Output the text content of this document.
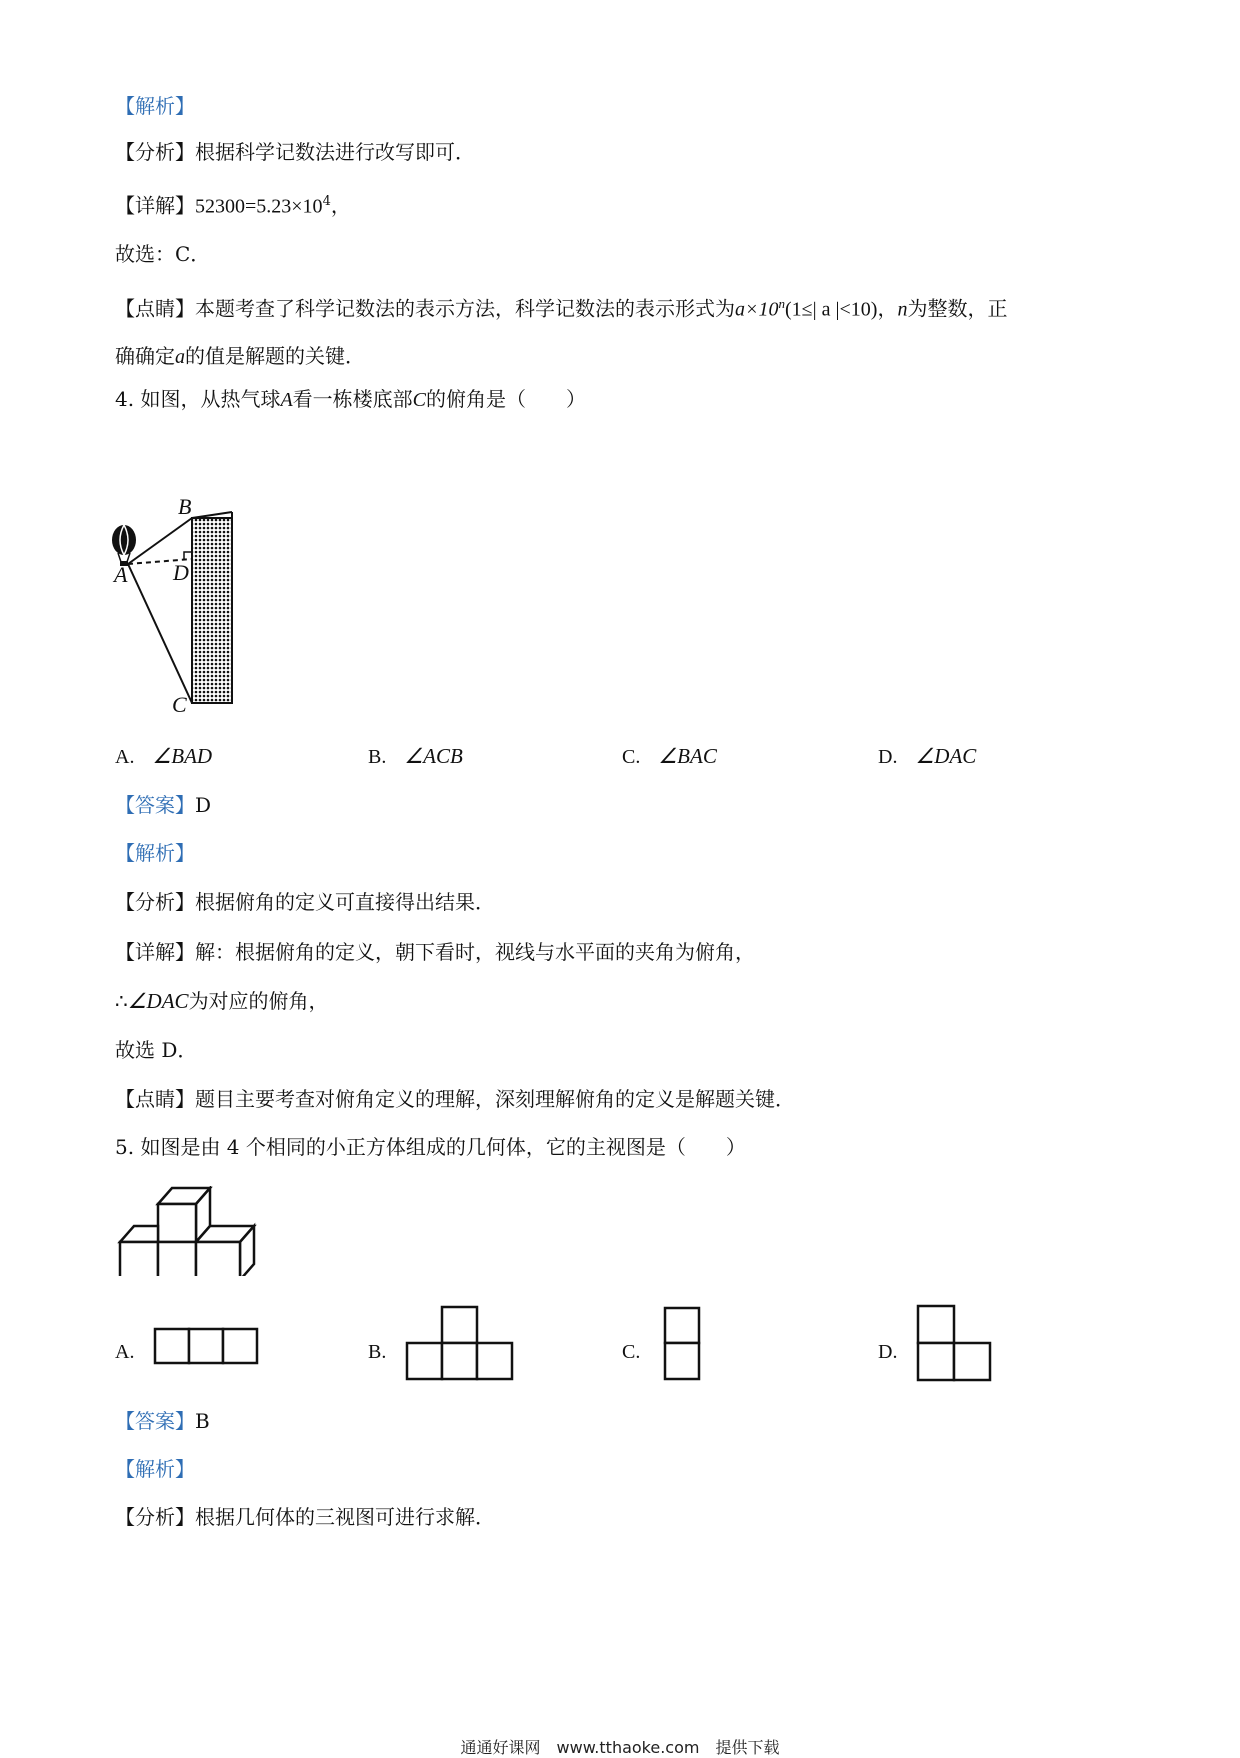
【解析】
【分析】根据科学记数法进行改写即可．
【详解】$52300=5.23\times 10^4$，
故选：C．
【点睛】本题考查了科学记数法的表示方法，科学记数法的表示形式为$a\times 10^n(1\le|$ a |<10)，n为整数，正
确确定a的值是解题的关键．
4. 如图，从热气球A看一栋楼底部C的俯角是（　　）
A
B
D
C
A. ∠BAD	B. ∠ACB	C. ∠BAC	D. ∠DAC
【答案】D
【解析】
【分析】根据俯角的定义可直接得出结果．
【详解】解：根据俯角的定义，朝下看时，视线与水平面的夹角为俯角，
∴∠DAC为对应的俯角，
故选 D．
【点睛】题目主要考查对俯角定义的理解，深刻理解俯角的定义是解题关键．
5. 如图是由 4 个相同的小正方体组成的几何体，它的主视图是（　　）
A.	B.	C.	D.
【答案】B
【解析】
【分析】根据几何体的三视图可进行求解．
通通好课网　www.tthaoke.com　提供下载
